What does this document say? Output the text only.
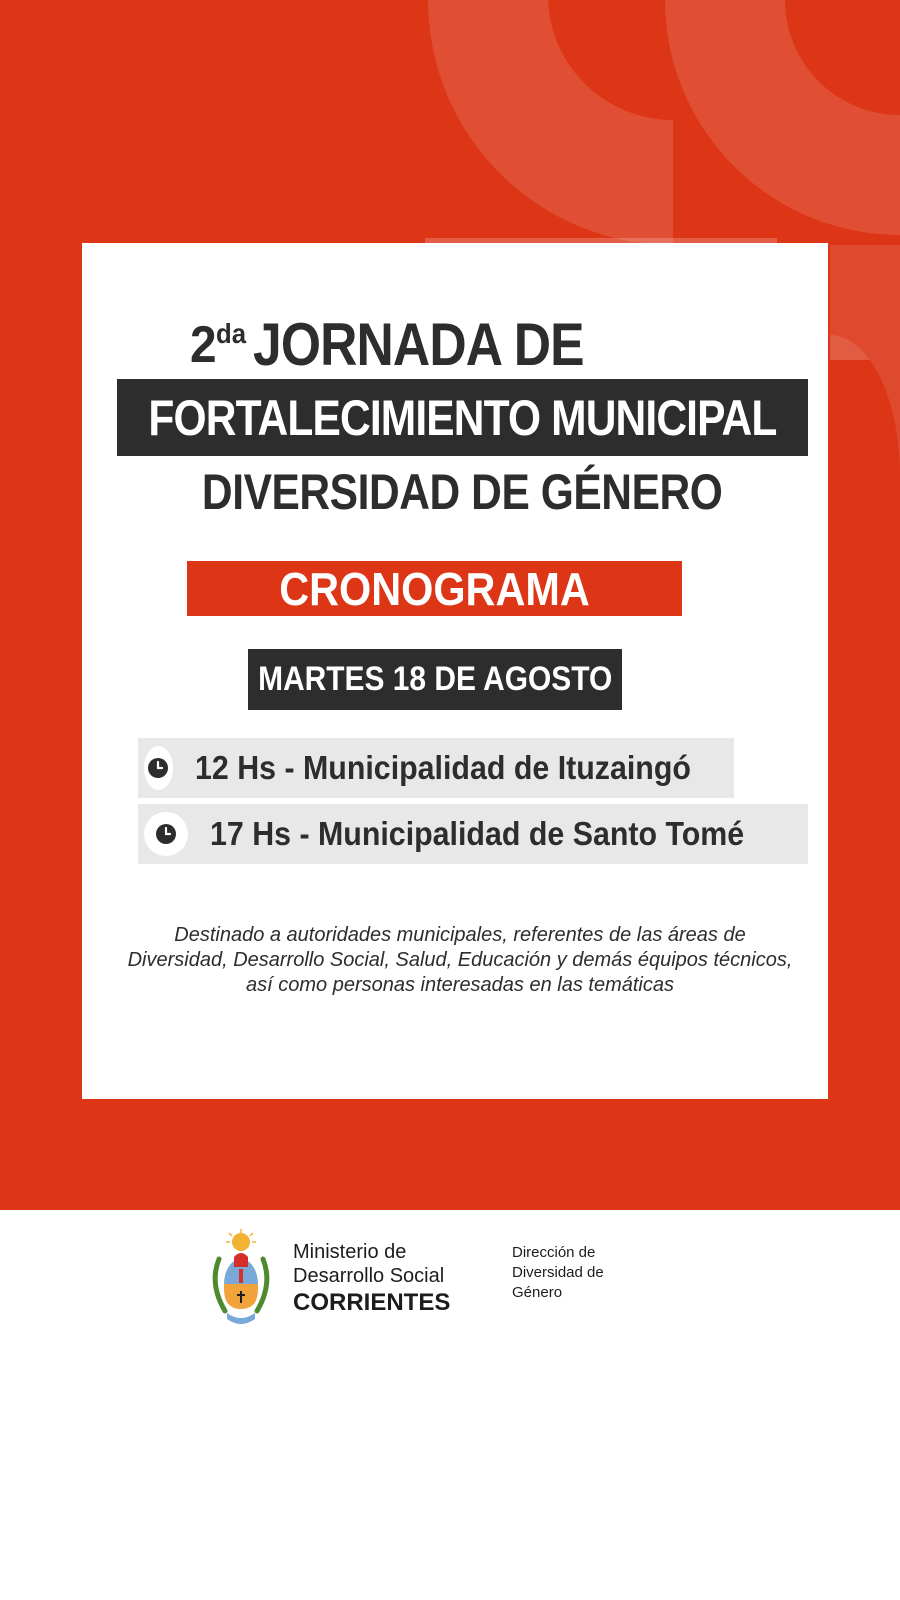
2 da JORNADA DE
FORTALECIMIENTO MUNICIPAL
DIVERSIDAD DE GÉNERO
CRONOGRAMA
MARTES 18 DE AGOSTO
12 Hs - Municipalidad de Ituzaingó
17 Hs - Municipalidad de Santo Tomé
Destinado a autoridades municipales, referentes de las áreas de
Diversidad, Desarrollo Social, Salud, Educación y demás équipos técnicos,
así como personas interesadas en las temáticas
Ministerio de
Desarrollo Social
CORRIENTES
Dirección de
Diversidad de
Género
